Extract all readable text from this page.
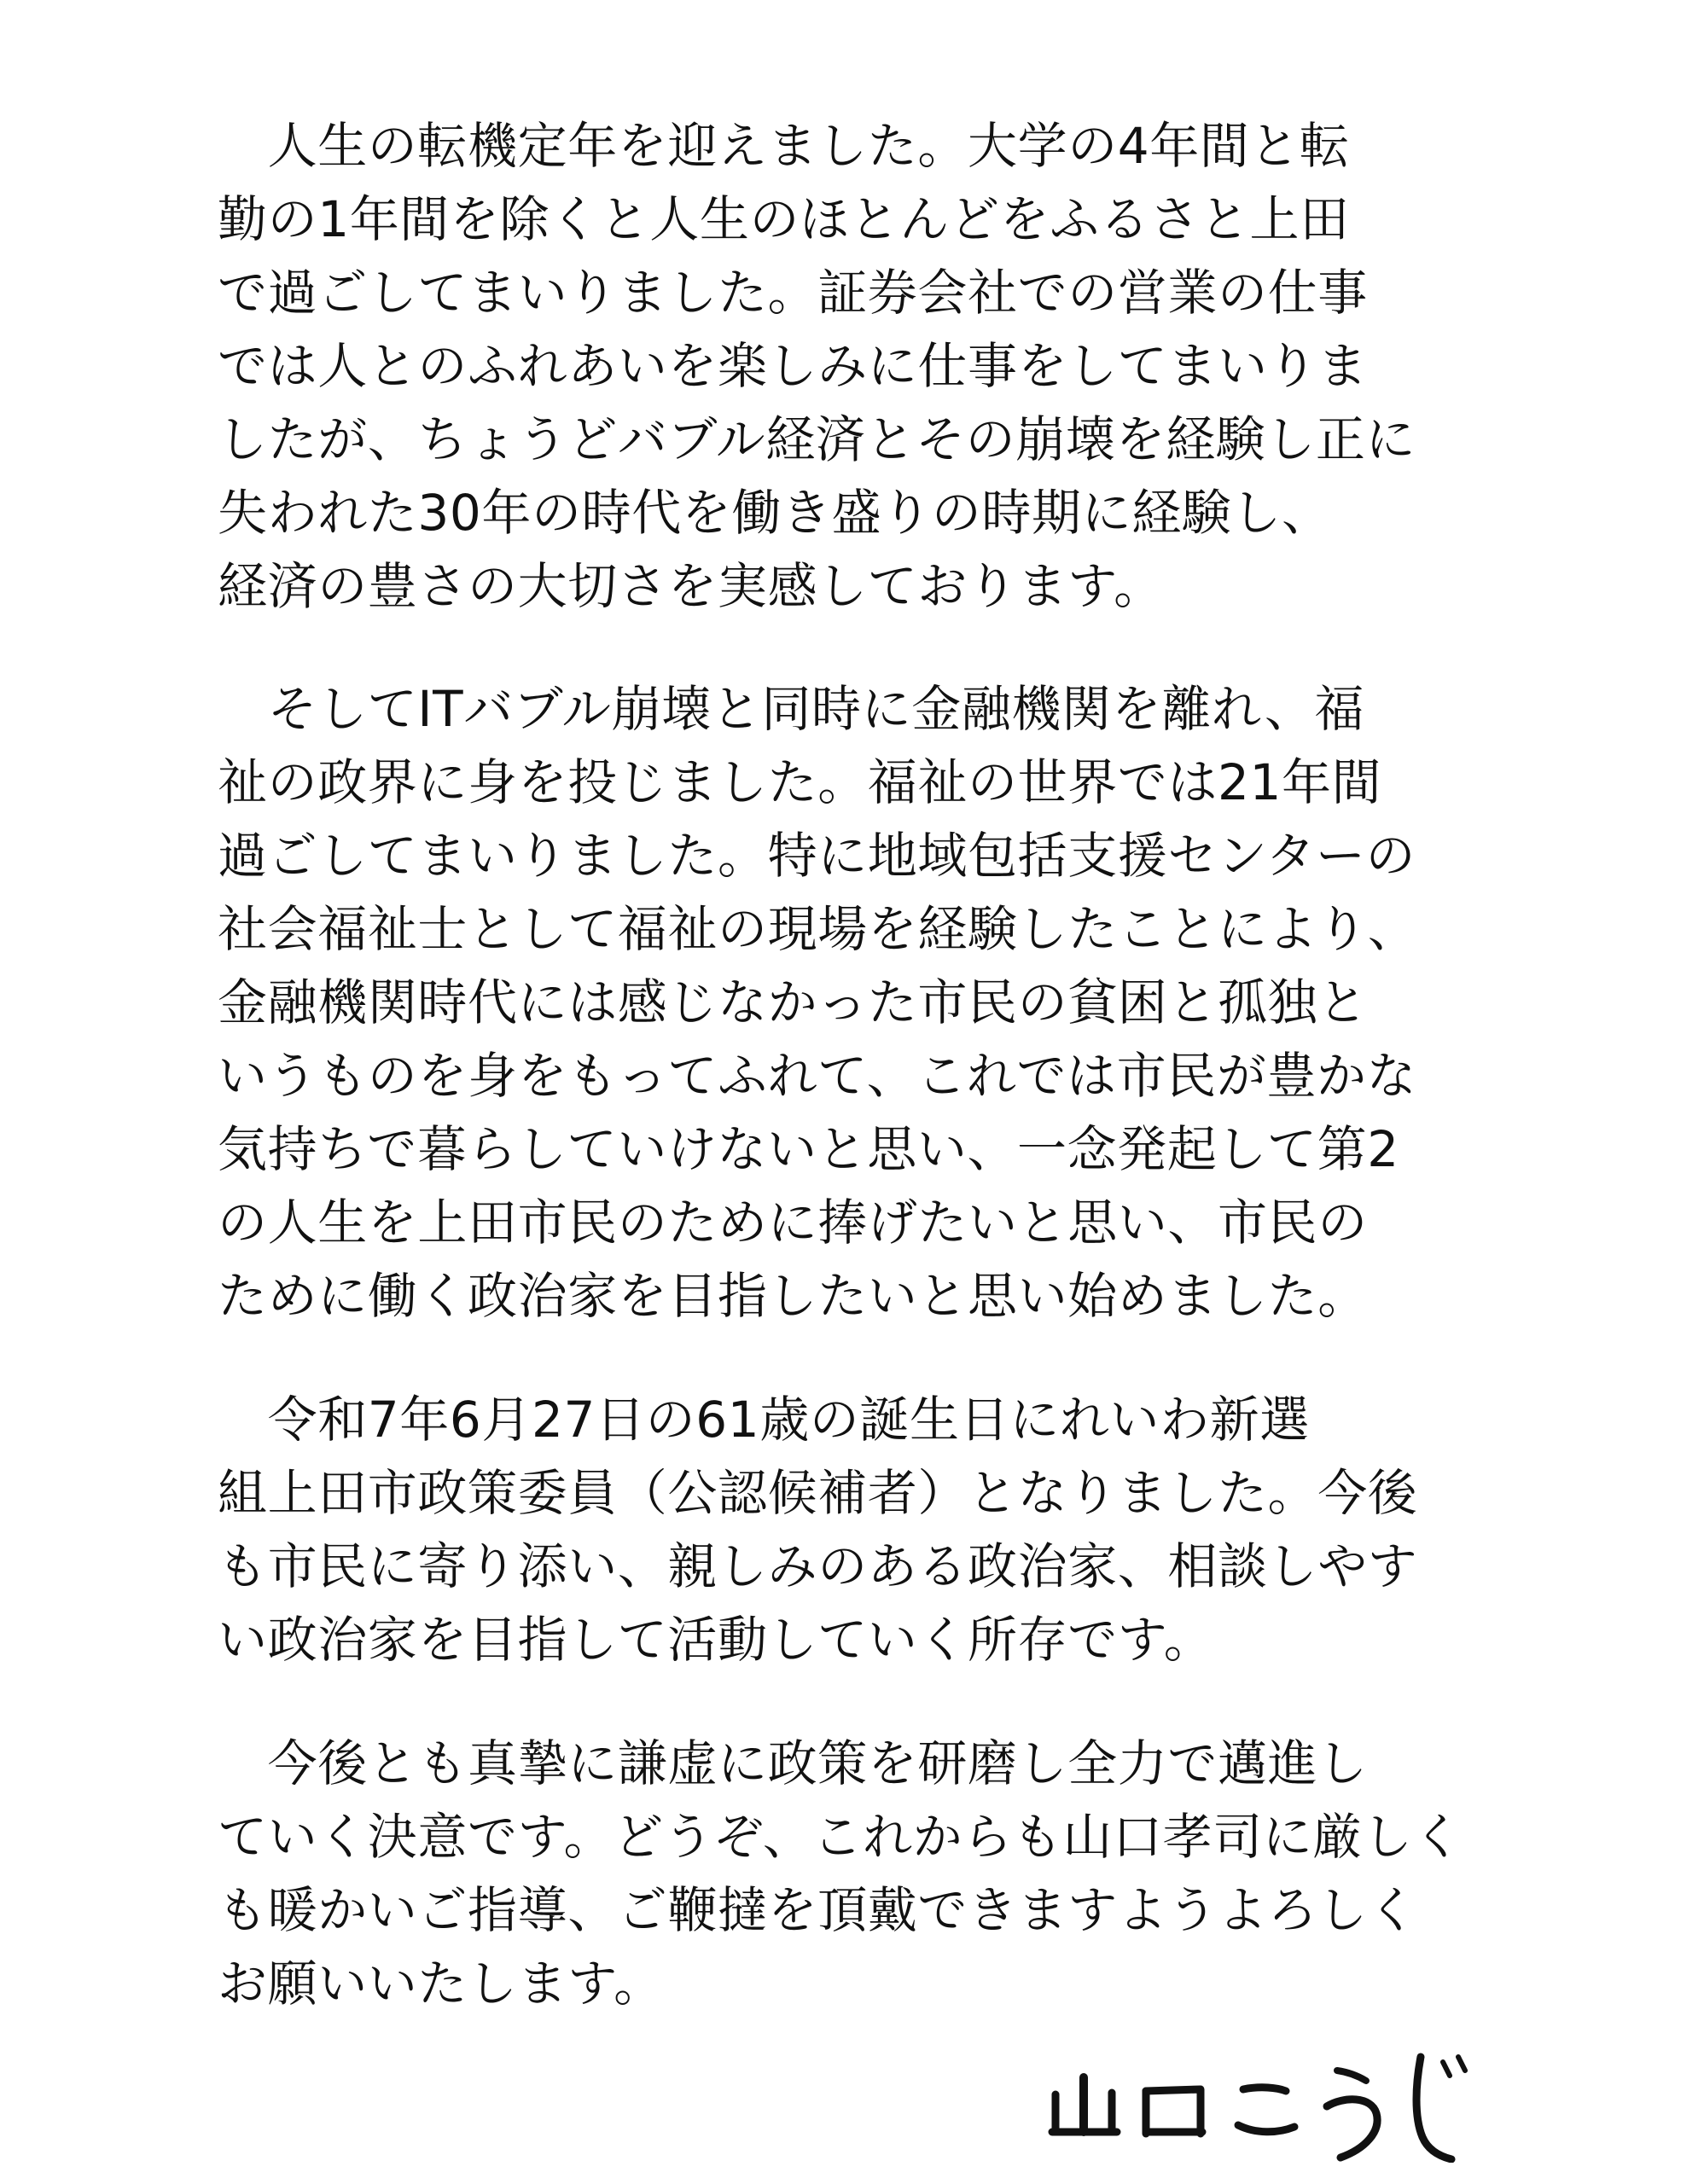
　人生の転機定年を迎えました。大学の4年間と転
勤の1年間を除くと人生のほとんどをふるさと上田
で過ごしてまいりました。証券会社での営業の仕事
では人とのふれあいを楽しみに仕事をしてまいりま
したが、ちょうどバブル経済とその崩壊を経験し正に
失われた30年の時代を働き盛りの時期に経験し、
経済の豊さの大切さを実感しております。
　そしてITバブル崩壊と同時に金融機関を離れ、福
祉の政界に身を投じました。福祉の世界では21年間
過ごしてまいりました。特に地域包括支援センターの
社会福祉士として福祉の現場を経験したことにより、
金融機関時代には感じなかった市民の貧困と孤独と
いうものを身をもってふれて、これでは市民が豊かな
気持ちで暮らしていけないと思い、一念発起して第2
の人生を上田市民のために捧げたいと思い、市民の
ために働く政治家を目指したいと思い始めました。
　令和7年6月27日の61歳の誕生日にれいわ新選
組上田市政策委員（公認候補者）となりました。今後
も市民に寄り添い、親しみのある政治家、相談しやす
い政治家を目指して活動していく所存です。
　今後とも真摯に謙虚に政策を研磨し全力で邁進し
ていく決意です。どうぞ、これからも山口孝司に厳しく
も暖かいご指導、ご鞭撻を頂戴できますようよろしく
お願いいたします。
